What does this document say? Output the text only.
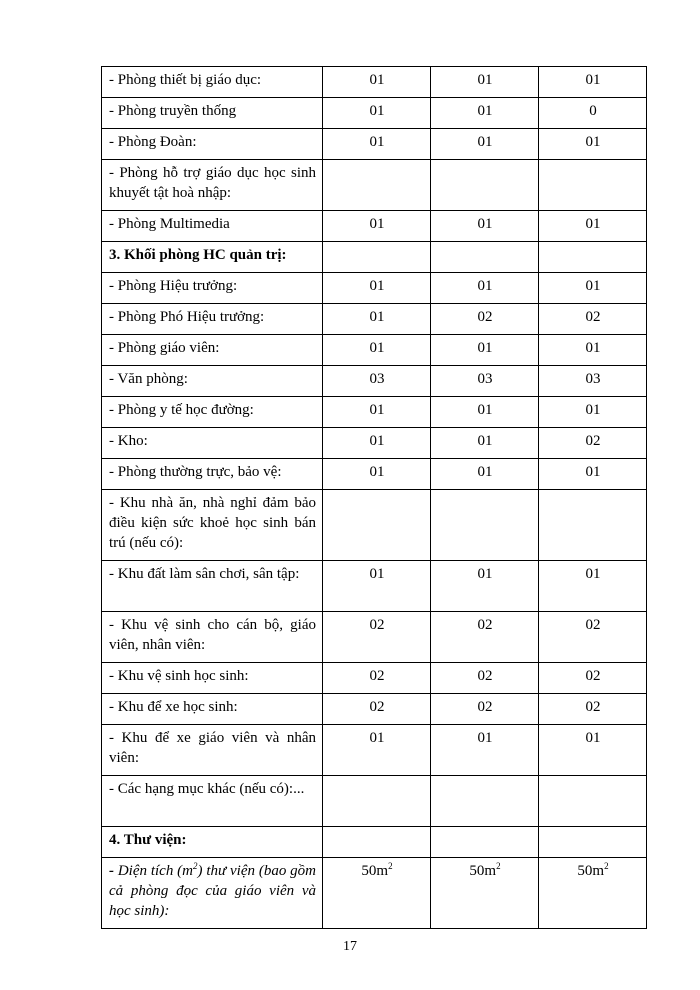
- Phòng thiết bị giáo dục:	01	01	01
- Phòng truyền thống	01	01	0
- Phòng Đoàn:	01	01	01
- Phòng hỗ trợ giáo dục học sinh khuyết tật hoà nhập:			
- Phòng Multimedia	01	01	01
3. Khối phòng HC quản trị:			
- Phòng Hiệu trưởng:	01	01	01
- Phòng Phó Hiệu trưởng:	01	02	02
- Phòng giáo viên:	01	01	01
- Văn phòng:	03	03	03
- Phòng y tế học đường:	01	01	01
- Kho:	01	01	02
- Phòng thường trực, bảo vệ:	01	01	01
- Khu nhà ăn, nhà nghỉ đảm bảo điều kiện sức khoẻ học sinh bán trú (nếu có):			
- Khu đất làm sân chơi, sân tập:	01	01	01
- Khu vệ sinh cho cán bộ, giáo viên, nhân viên:	02	02	02
- Khu vệ sinh học sinh:	02	02	02
- Khu để xe học sinh:	02	02	02
- Khu để xe giáo viên và nhân viên:	01	01	01
- Các hạng mục khác (nếu có):...			
4. Thư viện:			
- Diện tích $(m^2)$ thư viện (bao gồm cả phòng đọc của giáo viên và học sinh):	$50m^2$	$50m^2$	$50m^2$
17
